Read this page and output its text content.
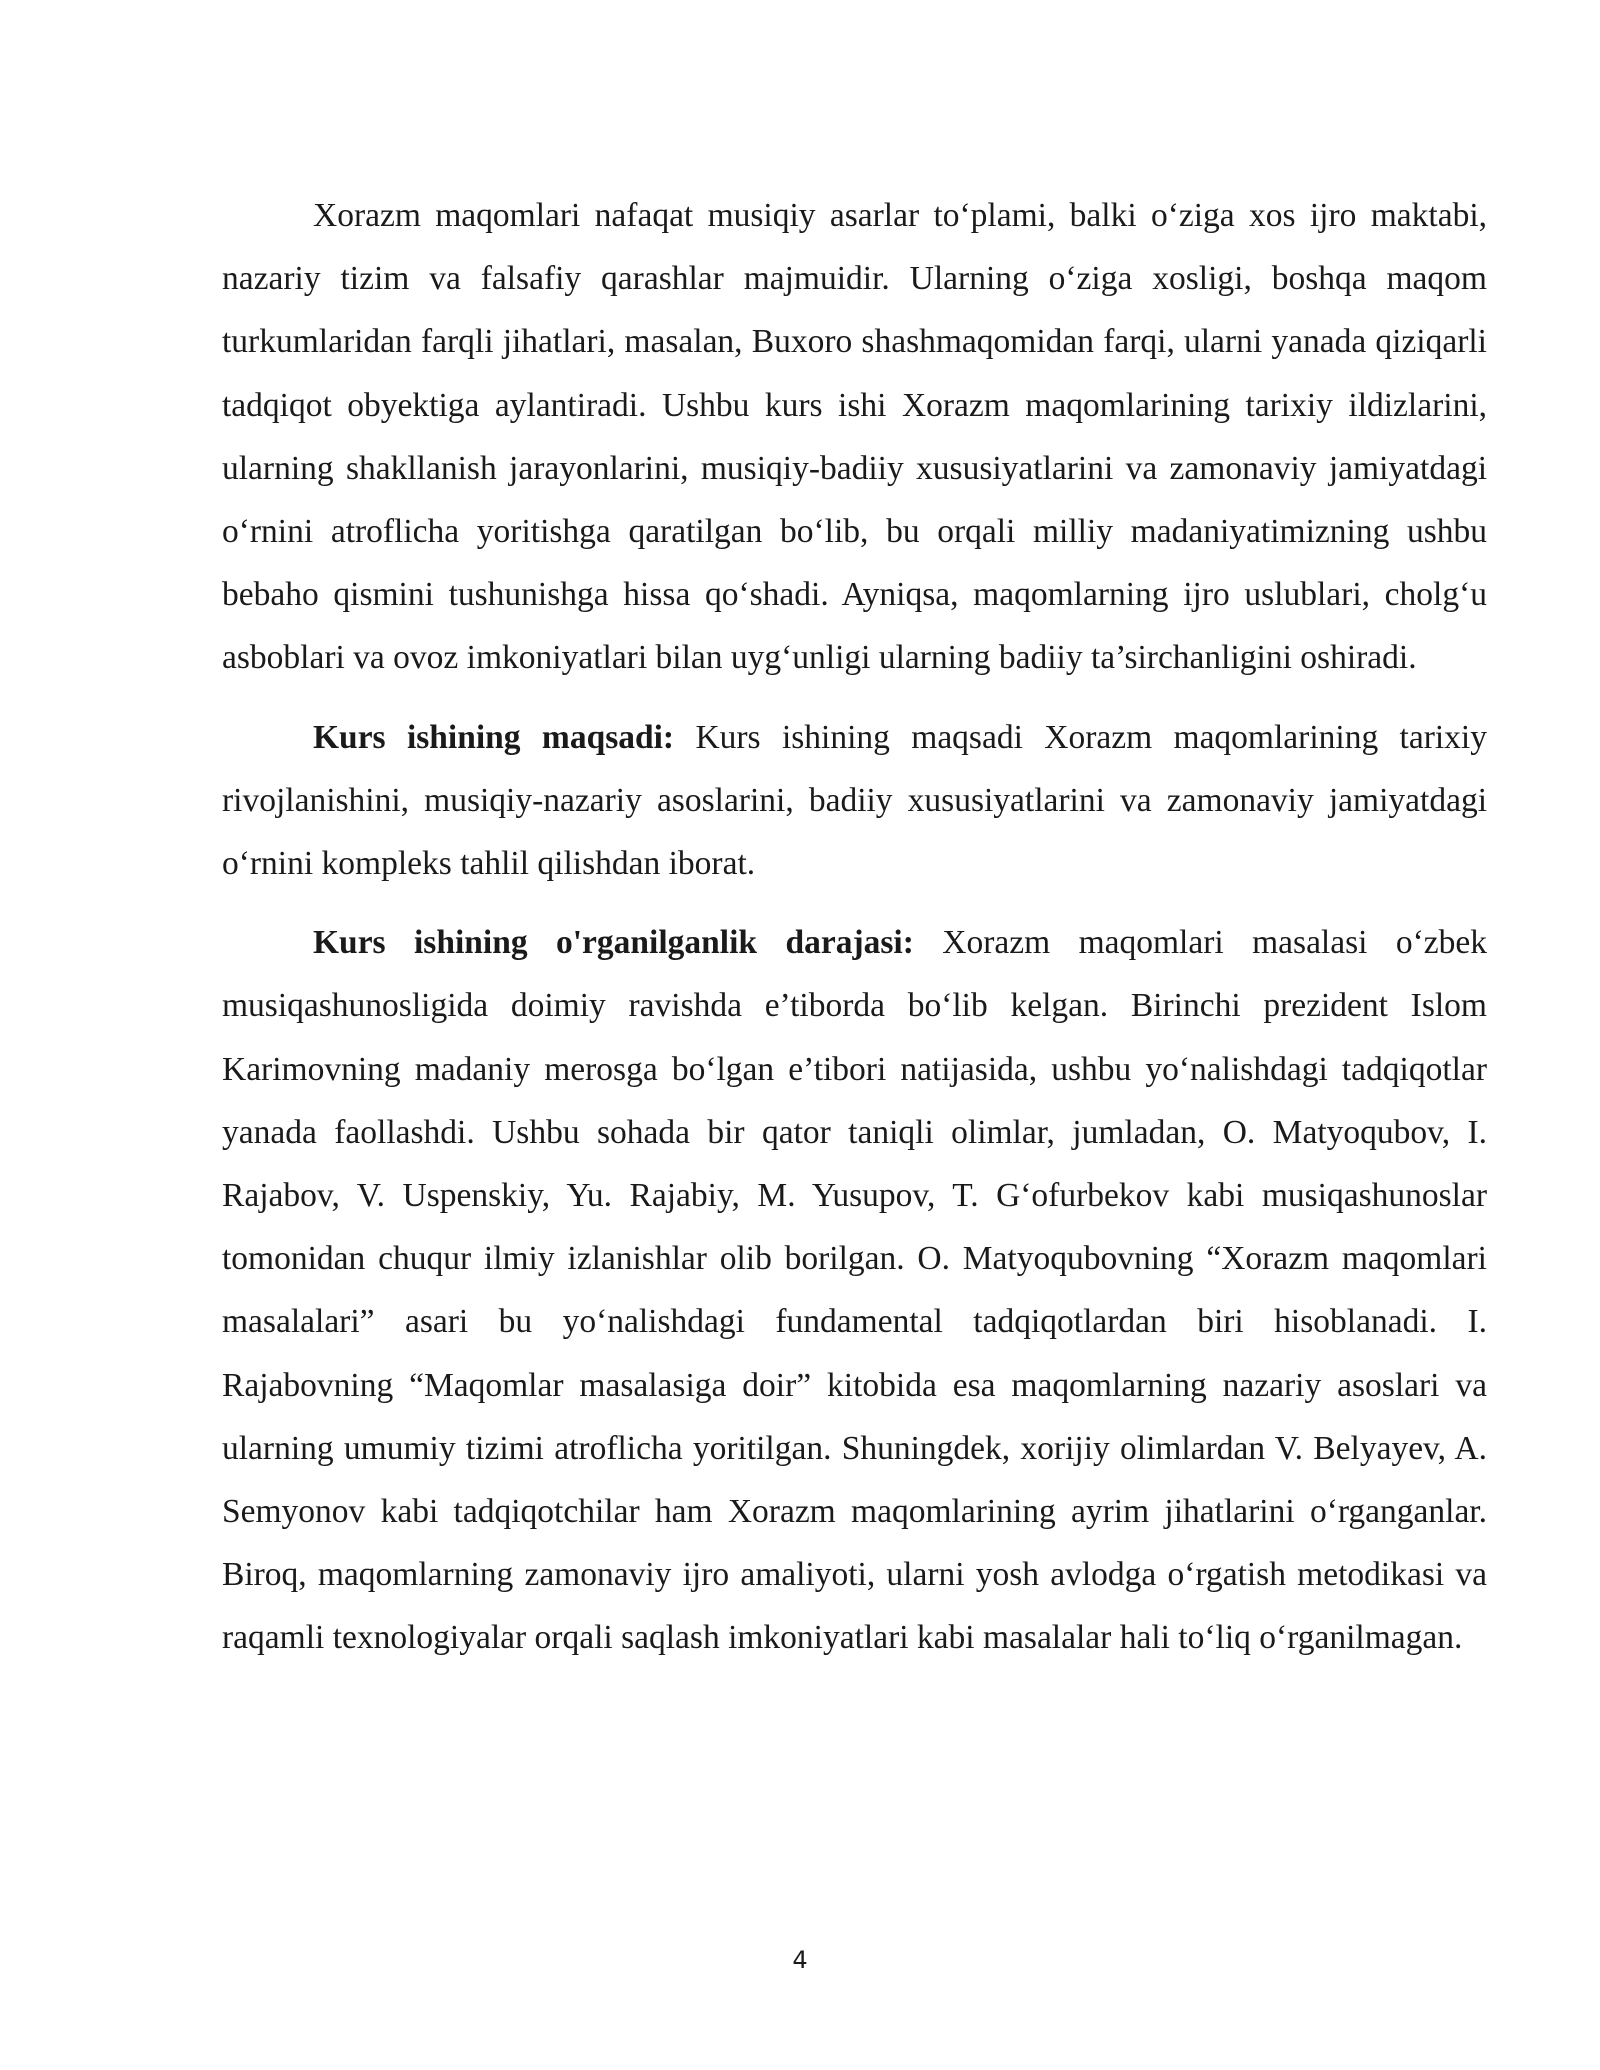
Xorazm maqomlari nafaqat musiqiy asarlar to‘plami, balki o‘ziga xos ijro maktabi, nazariy tizim va falsafiy qarashlar majmuidir. Ularning o‘ziga xosligi, boshqa maqom turkumlaridan farqli jihatlari, masalan, Buxoro shashmaqomidan farqi, ularni yanada qiziqarli tadqiqot obyektiga aylantiradi. Ushbu kurs ishi Xorazm maqomlarining tarixiy ildizlarini, ularning shakllanish jarayonlarini, musiqiy-badiiy xususiyatlarini va zamonaviy jamiyatdagi o‘rnini atroflicha yoritishga qaratilgan bo‘lib, bu orqali milliy madaniyatimizning ushbu bebaho qismini tushunishga hissa qo‘shadi. Ayniqsa, maqomlarning ijro uslublari, cholg‘u asboblari va ovoz imkoniyatlari bilan uyg‘unligi ularning badiiy ta’sirchanligini oshiradi.

Kurs ishining maqsadi: Kurs ishining maqsadi Xorazm maqomlarining tarixiy rivojlanishini, musiqiy-nazariy asoslarini, badiiy xususiyatlarini va zamonaviy jamiyatdagi o‘rnini kompleks tahlil qilishdan iborat.

Kurs ishining o'rganilganlik darajasi: Xorazm maqomlari masalasi o‘zbek musiqashunosligida doimiy ravishda e’tiborda bo‘lib kelgan. Birinchi prezident Islom Karimovning madaniy merosga bo‘lgan e’tibori natijasida, ushbu yo‘nalishdagi tadqiqotlar yanada faollashdi. Ushbu sohada bir qator taniqli olimlar, jumladan, O. Matyoqubov, I. Rajabov, V. Uspenskiy, Yu. Rajabiy, M. Yusupov, T. G‘ofurbekov kabi musiqashunoslar tomonidan chuqur ilmiy izlanishlar olib borilgan. O. Matyoqubovning “Xorazm maqomlari masalalari” asari bu yo‘nalishdagi fundamental tadqiqotlardan biri hisoblanadi. I. Rajabovning “Maqomlar masalasiga doir” kitobida esa maqomlarning nazariy asoslari va ularning umumiy tizimi atroflicha yoritilgan. Shuningdek, xorijiy olimlardan V. Belyayev, A. Semyonov kabi tadqiqotchilar ham Xorazm maqomlarining ayrim jihatlarini o‘rganganlar. Biroq, maqomlarning zamonaviy ijro amaliyoti, ularni yosh avlodga o‘rgatish metodikasi va raqamli texnologiyalar orqali saqlash imkoniyatlari kabi masalalar hali to‘liq o‘rganilmagan.

4
